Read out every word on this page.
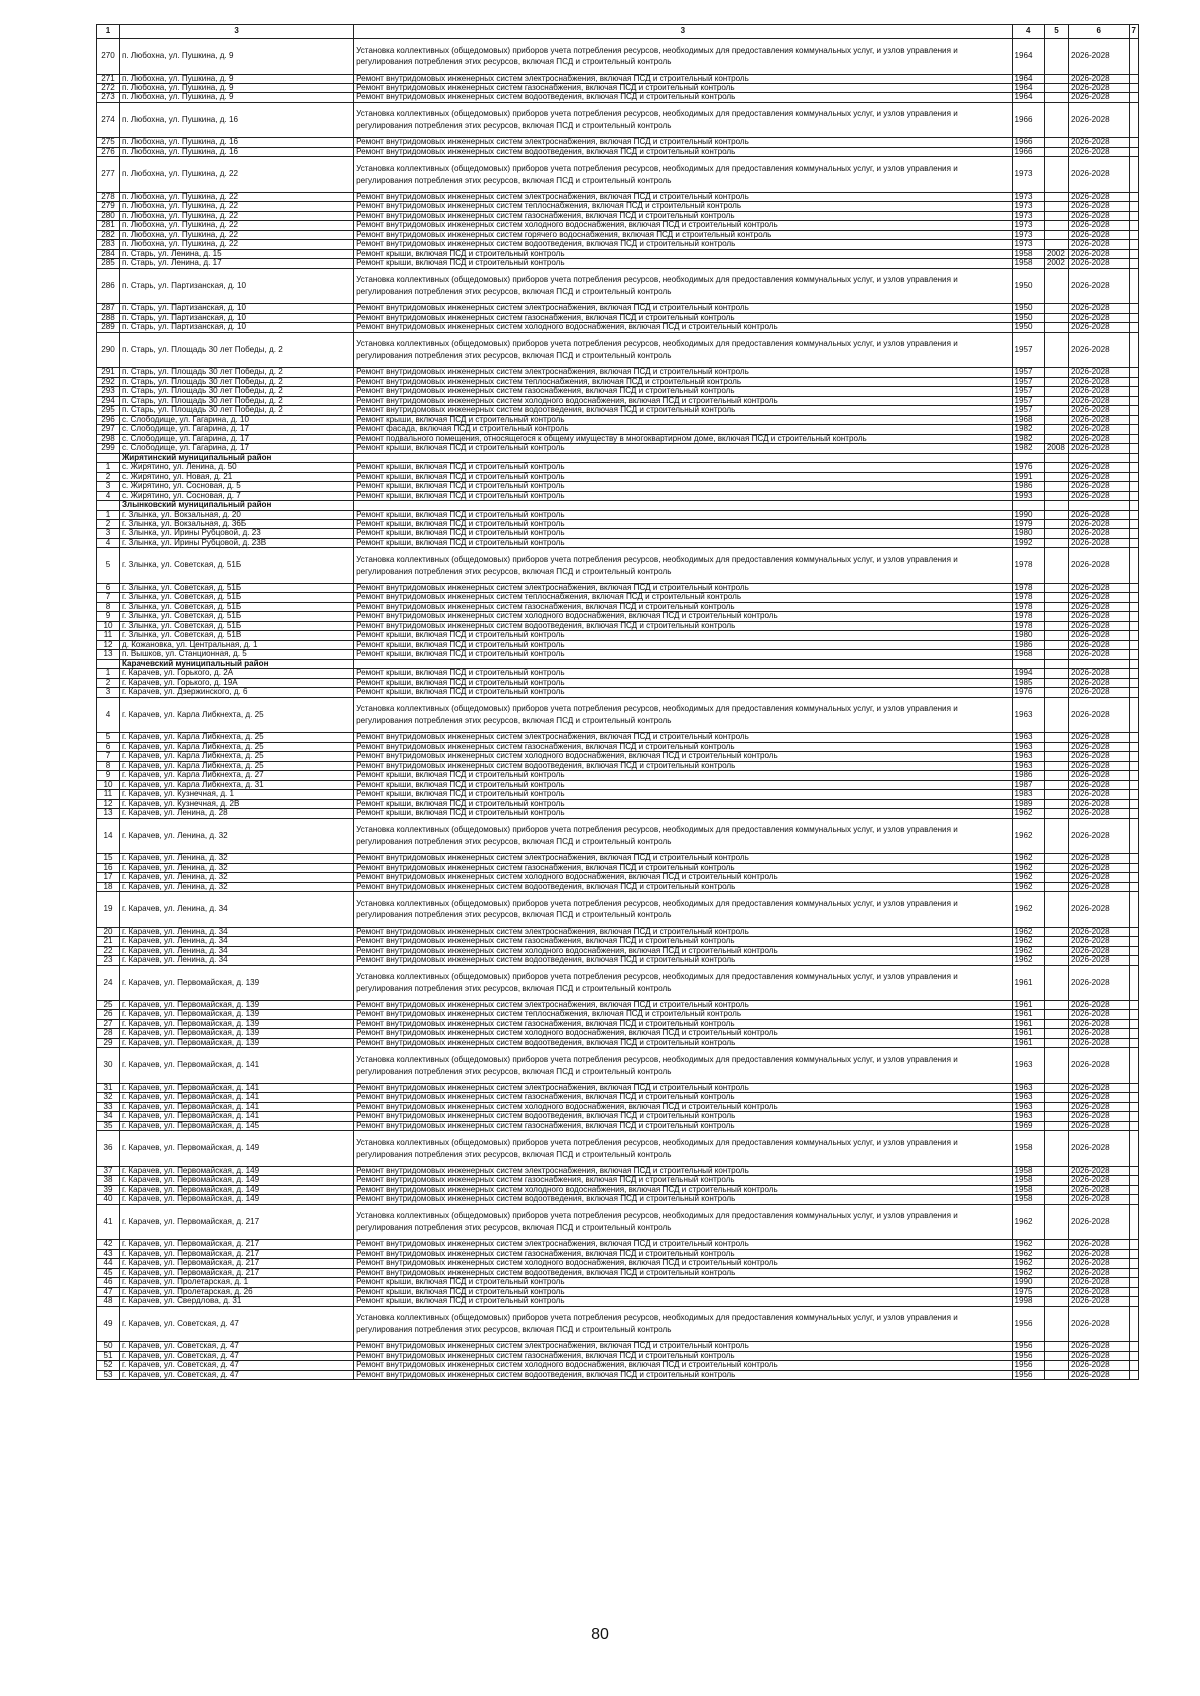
1	3	3	4	5	6	7
270	п. Любохна, ул. Пушкина, д. 9	Установка коллективных (общедомовых) приборов учета потребления ресурсов, необходимых для предоставления коммунальных услуг, и узлов управления и регулирования потребления этих ресурсов, включая ПСД и строительный контроль	1964		2026-2028	
271	п. Любохна, ул. Пушкина, д. 9	Ремонт внутридомовых инженерных систем электроснабжения, включая ПСД и строительный контроль	1964		2026-2028	
272	п. Любохна, ул. Пушкина, д. 9	Ремонт внутридомовых инженерных систем газоснабжения, включая ПСД и строительный контроль	1964		2026-2028	
273	п. Любохна, ул. Пушкина, д. 9	Ремонт внутридомовых инженерных систем водоотведения, включая ПСД и строительный контроль	1964		2026-2028	
274	п. Любохна, ул. Пушкина, д. 16	Установка коллективных (общедомовых) приборов учета потребления ресурсов, необходимых для предоставления коммунальных услуг, и узлов управления и регулирования потребления этих ресурсов, включая ПСД и строительный контроль	1966		2026-2028	
275	п. Любохна, ул. Пушкина, д. 16	Ремонт внутридомовых инженерных систем электроснабжения, включая ПСД и строительный контроль	1966		2026-2028	
276	п. Любохна, ул. Пушкина, д. 16	Ремонт внутридомовых инженерных систем водоотведения, включая ПСД и строительный контроль	1966		2026-2028	
277	п. Любохна, ул. Пушкина, д. 22	Установка коллективных (общедомовых) приборов учета потребления ресурсов, необходимых для предоставления коммунальных услуг, и узлов управления и регулирования потребления этих ресурсов, включая ПСД и строительный контроль	1973		2026-2028	
278	п. Любохна, ул. Пушкина, д. 22	Ремонт внутридомовых инженерных систем электроснабжения, включая ПСД и строительный контроль	1973		2026-2028	
279	п. Любохна, ул. Пушкина, д. 22	Ремонт внутридомовых инженерных систем теплоснабжения, включая ПСД и строительный контроль	1973		2026-2028	
280	п. Любохна, ул. Пушкина, д. 22	Ремонт внутридомовых инженерных систем газоснабжения, включая ПСД и строительный контроль	1973		2026-2028	
281	п. Любохна, ул. Пушкина, д. 22	Ремонт внутридомовых инженерных систем холодного водоснабжения, включая ПСД и строительный контроль	1973		2026-2028	
282	п. Любохна, ул. Пушкина, д. 22	Ремонт внутридомовых инженерных систем горячего водоснабжения, включая ПСД и строительный контроль	1973		2026-2028	
283	п. Любохна, ул. Пушкина, д. 22	Ремонт внутридомовых инженерных систем водоотведения, включая ПСД и строительный контроль	1973		2026-2028	
284	п. Старь, ул. Ленина, д. 15	Ремонт крыши, включая ПСД и строительный контроль	1958	2002	2026-2028	
285	п. Старь, ул. Ленина, д. 17	Ремонт крыши, включая ПСД и строительный контроль	1958	2002	2026-2028	
286	п. Старь, ул. Партизанская, д. 10	Установка коллективных (общедомовых) приборов учета потребления ресурсов, необходимых для предоставления коммунальных услуг, и узлов управления и регулирования потребления этих ресурсов, включая ПСД и строительный контроль	1950		2026-2028	
287	п. Старь, ул. Партизанская, д. 10	Ремонт внутридомовых инженерных систем электроснабжения, включая ПСД и строительный контроль	1950		2026-2028	
288	п. Старь, ул. Партизанская, д. 10	Ремонт внутридомовых инженерных систем газоснабжения, включая ПСД и строительный контроль	1950		2026-2028	
289	п. Старь, ул. Партизанская, д. 10	Ремонт внутридомовых инженерных систем холодного водоснабжения, включая ПСД и строительный контроль	1950		2026-2028	
290	п. Старь, ул. Площадь 30 лет Победы, д. 2	Установка коллективных (общедомовых) приборов учета потребления ресурсов, необходимых для предоставления коммунальных услуг, и узлов управления и регулирования потребления этих ресурсов, включая ПСД и строительный контроль	1957		2026-2028	
291	п. Старь, ул. Площадь 30 лет Победы, д. 2	Ремонт внутридомовых инженерных систем электроснабжения, включая ПСД и строительный контроль	1957		2026-2028	
292	п. Старь, ул. Площадь 30 лет Победы, д. 2	Ремонт внутридомовых инженерных систем теплоснабжения, включая ПСД и строительный контроль	1957		2026-2028	
293	п. Старь, ул. Площадь 30 лет Победы, д. 2	Ремонт внутридомовых инженерных систем газоснабжения, включая ПСД и строительный контроль	1957		2026-2028	
294	п. Старь, ул. Площадь 30 лет Победы, д. 2	Ремонт внутридомовых инженерных систем холодного водоснабжения, включая ПСД и строительный контроль	1957		2026-2028	
295	п. Старь, ул. Площадь 30 лет Победы, д. 2	Ремонт внутридомовых инженерных систем водоотведения, включая ПСД и строительный контроль	1957		2026-2028	
296	с. Слободище, ул. Гагарина, д. 10	Ремонт крыши, включая ПСД и строительный контроль	1968		2026-2028	
297	с. Слободище, ул. Гагарина, д. 17	Ремонт фасада, включая ПСД и строительный контроль	1982		2026-2028	
298	с. Слободище, ул. Гагарина, д. 17	Ремонт подвального помещения, относящегося к общему имуществу в многоквартирном доме, включая ПСД и строительный контроль	1982		2026-2028	
299	с. Слободище, ул. Гагарина, д. 17	Ремонт крыши, включая ПСД и строительный контроль	1982	2008	2026-2028	
	Жирятинский муниципальный район					
1	с. Жирятино, ул. Ленина, д. 50	Ремонт крыши, включая ПСД и строительный контроль	1976		2026-2028	
2	с. Жирятино, ул. Новая, д. 21	Ремонт крыши, включая ПСД и строительный контроль	1991		2026-2028	
3	с. Жирятино, ул. Сосновая, д. 5	Ремонт крыши, включая ПСД и строительный контроль	1986		2026-2028	
4	с. Жирятино, ул. Сосновая, д. 7	Ремонт крыши, включая ПСД и строительный контроль	1993		2026-2028	
	Злынковский муниципальный район					
1	г. Злынка, ул. Вокзальная, д. 20	Ремонт крыши, включая ПСД и строительный контроль	1990		2026-2028	
2	г. Злынка, ул. Вокзальная, д. 36Б	Ремонт крыши, включая ПСД и строительный контроль	1979		2026-2028	
3	г. Злынка, ул. Ирины Рубцовой, д. 23	Ремонт крыши, включая ПСД и строительный контроль	1980		2026-2028	
4	г. Злынка, ул. Ирины Рубцовой, д. 23В	Ремонт крыши, включая ПСД и строительный контроль	1992		2026-2028	
5	г. Злынка, ул. Советская, д. 51Б	Установка коллективных (общедомовых) приборов учета потребления ресурсов, необходимых для предоставления коммунальных услуг, и узлов управления и регулирования потребления этих ресурсов, включая ПСД и строительный контроль	1978		2026-2028	
6	г. Злынка, ул. Советская, д. 51Б	Ремонт внутридомовых инженерных систем электроснабжения, включая ПСД и строительный контроль	1978		2026-2028	
7	г. Злынка, ул. Советская, д. 51Б	Ремонт внутридомовых инженерных систем теплоснабжения, включая ПСД и строительный контроль	1978		2026-2028	
8	г. Злынка, ул. Советская, д. 51Б	Ремонт внутридомовых инженерных систем газоснабжения, включая ПСД и строительный контроль	1978		2026-2028	
9	г. Злынка, ул. Советская, д. 51Б	Ремонт внутридомовых инженерных систем холодного водоснабжения, включая ПСД и строительный контроль	1978		2026-2028	
10	г. Злынка, ул. Советская, д. 51Б	Ремонт внутридомовых инженерных систем водоотведения, включая ПСД и строительный контроль	1978		2026-2028	
11	г. Злынка, ул. Советская, д. 51В	Ремонт крыши, включая ПСД и строительный контроль	1980		2026-2028	
12	д. Кожановка, ул. Центральная, д. 1	Ремонт крыши, включая ПСД и строительный контроль	1986		2026-2028	
13	п. Вышков, ул. Станционная, д. 5	Ремонт крыши, включая ПСД и строительный контроль	1968		2026-2028	
	Карачевский муниципальный район					
1	г. Карачев, ул. Горького, д. 2А	Ремонт крыши, включая ПСД и строительный контроль	1994		2026-2028	
2	г. Карачев, ул. Горького, д. 19А	Ремонт крыши, включая ПСД и строительный контроль	1985		2026-2028	
3	г. Карачев, ул. Дзержинского, д. 6	Ремонт крыши, включая ПСД и строительный контроль	1976		2026-2028	
4	г. Карачев, ул. Карла Либкнехта, д. 25	Установка коллективных (общедомовых) приборов учета потребления ресурсов, необходимых для предоставления коммунальных услуг, и узлов управления и регулирования потребления этих ресурсов, включая ПСД и строительный контроль	1963		2026-2028	
5	г. Карачев, ул. Карла Либкнехта, д. 25	Ремонт внутридомовых инженерных систем электроснабжения, включая ПСД и строительный контроль	1963		2026-2028	
6	г. Карачев, ул. Карла Либкнехта, д. 25	Ремонт внутридомовых инженерных систем газоснабжения, включая ПСД и строительный контроль	1963		2026-2028	
7	г. Карачев, ул. Карла Либкнехта, д. 25	Ремонт внутридомовых инженерных систем холодного водоснабжения, включая ПСД и строительный контроль	1963		2026-2028	
8	г. Карачев, ул. Карла Либкнехта, д. 25	Ремонт внутридомовых инженерных систем водоотведения, включая ПСД и строительный контроль	1963		2026-2028	
9	г. Карачев, ул. Карла Либкнехта, д. 27	Ремонт крыши, включая ПСД и строительный контроль	1986		2026-2028	
10	г. Карачев, ул. Карла Либкнехта, д. 31	Ремонт крыши, включая ПСД и строительный контроль	1987		2026-2028	
11	г. Карачев, ул. Кузнечная, д. 1	Ремонт крыши, включая ПСД и строительный контроль	1983		2026-2028	
12	г. Карачев, ул. Кузнечная, д. 2В	Ремонт крыши, включая ПСД и строительный контроль	1989		2026-2028	
13	г. Карачев, ул. Ленина, д. 28	Ремонт крыши, включая ПСД и строительный контроль	1962		2026-2028	
14	г. Карачев, ул. Ленина, д. 32	Установка коллективных (общедомовых) приборов учета потребления ресурсов, необходимых для предоставления коммунальных услуг, и узлов управления и регулирования потребления этих ресурсов, включая ПСД и строительный контроль	1962		2026-2028	
15	г. Карачев, ул. Ленина, д. 32	Ремонт внутридомовых инженерных систем электроснабжения, включая ПСД и строительный контроль	1962		2026-2028	
16	г. Карачев, ул. Ленина, д. 32	Ремонт внутридомовых инженерных систем газоснабжения, включая ПСД и строительный контроль	1962		2026-2028	
17	г. Карачев, ул. Ленина, д. 32	Ремонт внутридомовых инженерных систем холодного водоснабжения, включая ПСД и строительный контроль	1962		2026-2028	
18	г. Карачев, ул. Ленина, д. 32	Ремонт внутридомовых инженерных систем водоотведения, включая ПСД и строительный контроль	1962		2026-2028	
19	г. Карачев, ул. Ленина, д. 34	Установка коллективных (общедомовых) приборов учета потребления ресурсов, необходимых для предоставления коммунальных услуг, и узлов управления и регулирования потребления этих ресурсов, включая ПСД и строительный контроль	1962		2026-2028	
20	г. Карачев, ул. Ленина, д. 34	Ремонт внутридомовых инженерных систем электроснабжения, включая ПСД и строительный контроль	1962		2026-2028	
21	г. Карачев, ул. Ленина, д. 34	Ремонт внутридомовых инженерных систем газоснабжения, включая ПСД и строительный контроль	1962		2026-2028	
22	г. Карачев, ул. Ленина, д. 34	Ремонт внутридомовых инженерных систем холодного водоснабжения, включая ПСД и строительный контроль	1962		2026-2028	
23	г. Карачев, ул. Ленина, д. 34	Ремонт внутридомовых инженерных систем водоотведения, включая ПСД и строительный контроль	1962		2026-2028	
24	г. Карачев, ул. Первомайская, д. 139	Установка коллективных (общедомовых) приборов учета потребления ресурсов, необходимых для предоставления коммунальных услуг, и узлов управления и регулирования потребления этих ресурсов, включая ПСД и строительный контроль	1961		2026-2028	
25	г. Карачев, ул. Первомайская, д. 139	Ремонт внутридомовых инженерных систем электроснабжения, включая ПСД и строительный контроль	1961		2026-2028	
26	г. Карачев, ул. Первомайская, д. 139	Ремонт внутридомовых инженерных систем теплоснабжения, включая ПСД и строительный контроль	1961		2026-2028	
27	г. Карачев, ул. Первомайская, д. 139	Ремонт внутридомовых инженерных систем газоснабжения, включая ПСД и строительный контроль	1961		2026-2028	
28	г. Карачев, ул. Первомайская, д. 139	Ремонт внутридомовых инженерных систем холодного водоснабжения, включая ПСД и строительный контроль	1961		2026-2028	
29	г. Карачев, ул. Первомайская, д. 139	Ремонт внутридомовых инженерных систем водоотведения, включая ПСД и строительный контроль	1961		2026-2028	
30	г. Карачев, ул. Первомайская, д. 141	Установка коллективных (общедомовых) приборов учета потребления ресурсов, необходимых для предоставления коммунальных услуг, и узлов управления и регулирования потребления этих ресурсов, включая ПСД и строительный контроль	1963		2026-2028	
31	г. Карачев, ул. Первомайская, д. 141	Ремонт внутридомовых инженерных систем электроснабжения, включая ПСД и строительный контроль	1963		2026-2028	
32	г. Карачев, ул. Первомайская, д. 141	Ремонт внутридомовых инженерных систем газоснабжения, включая ПСД и строительный контроль	1963		2026-2028	
33	г. Карачев, ул. Первомайская, д. 141	Ремонт внутридомовых инженерных систем холодного водоснабжения, включая ПСД и строительный контроль	1963		2026-2028	
34	г. Карачев, ул. Первомайская, д. 141	Ремонт внутридомовых инженерных систем водоотведения, включая ПСД и строительный контроль	1963		2026-2028	
35	г. Карачев, ул. Первомайская, д. 145	Ремонт внутридомовых инженерных систем газоснабжения, включая ПСД и строительный контроль	1969		2026-2028	
36	г. Карачев, ул. Первомайская, д. 149	Установка коллективных (общедомовых) приборов учета потребления ресурсов, необходимых для предоставления коммунальных услуг, и узлов управления и регулирования потребления этих ресурсов, включая ПСД и строительный контроль	1958		2026-2028	
37	г. Карачев, ул. Первомайская, д. 149	Ремонт внутридомовых инженерных систем электроснабжения, включая ПСД и строительный контроль	1958		2026-2028	
38	г. Карачев, ул. Первомайская, д. 149	Ремонт внутридомовых инженерных систем газоснабжения, включая ПСД и строительный контроль	1958		2026-2028	
39	г. Карачев, ул. Первомайская, д. 149	Ремонт внутридомовых инженерных систем холодного водоснабжения, включая ПСД и строительный контроль	1958		2026-2028	
40	г. Карачев, ул. Первомайская, д. 149	Ремонт внутридомовых инженерных систем водоотведения, включая ПСД и строительный контроль	1958		2026-2028	
41	г. Карачев, ул. Первомайская, д. 217	Установка коллективных (общедомовых) приборов учета потребления ресурсов, необходимых для предоставления коммунальных услуг, и узлов управления и регулирования потребления этих ресурсов, включая ПСД и строительный контроль	1962		2026-2028	
42	г. Карачев, ул. Первомайская, д. 217	Ремонт внутридомовых инженерных систем электроснабжения, включая ПСД и строительный контроль	1962		2026-2028	
43	г. Карачев, ул. Первомайская, д. 217	Ремонт внутридомовых инженерных систем газоснабжения, включая ПСД и строительный контроль	1962		2026-2028	
44	г. Карачев, ул. Первомайская, д. 217	Ремонт внутридомовых инженерных систем холодного водоснабжения, включая ПСД и строительный контроль	1962		2026-2028	
45	г. Карачев, ул. Первомайская, д. 217	Ремонт внутридомовых инженерных систем водоотведения, включая ПСД и строительный контроль	1962		2026-2028	
46	г. Карачев, ул. Пролетарская, д. 1	Ремонт крыши, включая ПСД и строительный контроль	1990		2026-2028	
47	г. Карачев, ул. Пролетарская, д. 26	Ремонт крыши, включая ПСД и строительный контроль	1975		2026-2028	
48	г. Карачев, ул. Свердлова, д. 31	Ремонт крыши, включая ПСД и строительный контроль	1998		2026-2028	
49	г. Карачев, ул. Советская, д. 47	Установка коллективных (общедомовых) приборов учета потребления ресурсов, необходимых для предоставления коммунальных услуг, и узлов управления и регулирования потребления этих ресурсов, включая ПСД и строительный контроль	1956		2026-2028	
50	г. Карачев, ул. Советская, д. 47	Ремонт внутридомовых инженерных систем электроснабжения, включая ПСД и строительный контроль	1956		2026-2028	
51	г. Карачев, ул. Советская, д. 47	Ремонт внутридомовых инженерных систем газоснабжения, включая ПСД и строительный контроль	1956		2026-2028	
52	г. Карачев, ул. Советская, д. 47	Ремонт внутридомовых инженерных систем холодного водоснабжения, включая ПСД и строительный контроль	1956		2026-2028	
53	г. Карачев, ул. Советская, д. 47	Ремонт внутридомовых инженерных систем водоотведения, включая ПСД и строительный контроль	1956		2026-2028	
80
